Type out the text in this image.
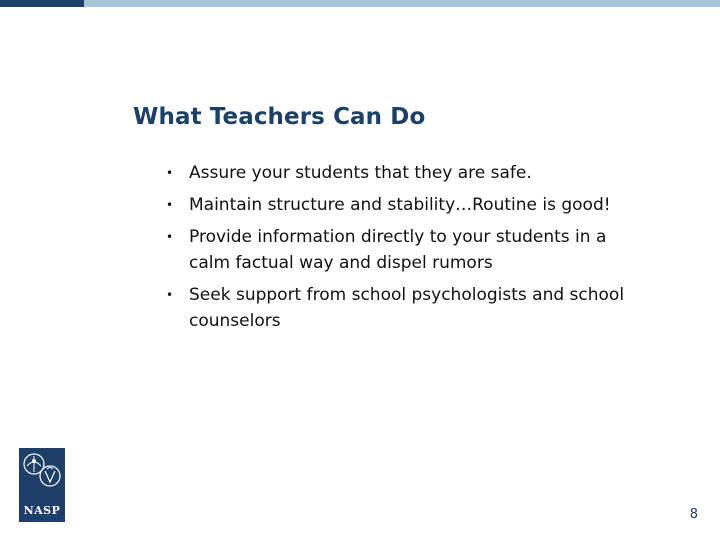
What Teachers Can Do
• Assure your students that they are safe.
• Maintain structure and stability…Routine is good!
• Provide information directly to your students in a calm factual way and dispel rumors
• Seek support from school psychologists and school counselors
NASP	8
